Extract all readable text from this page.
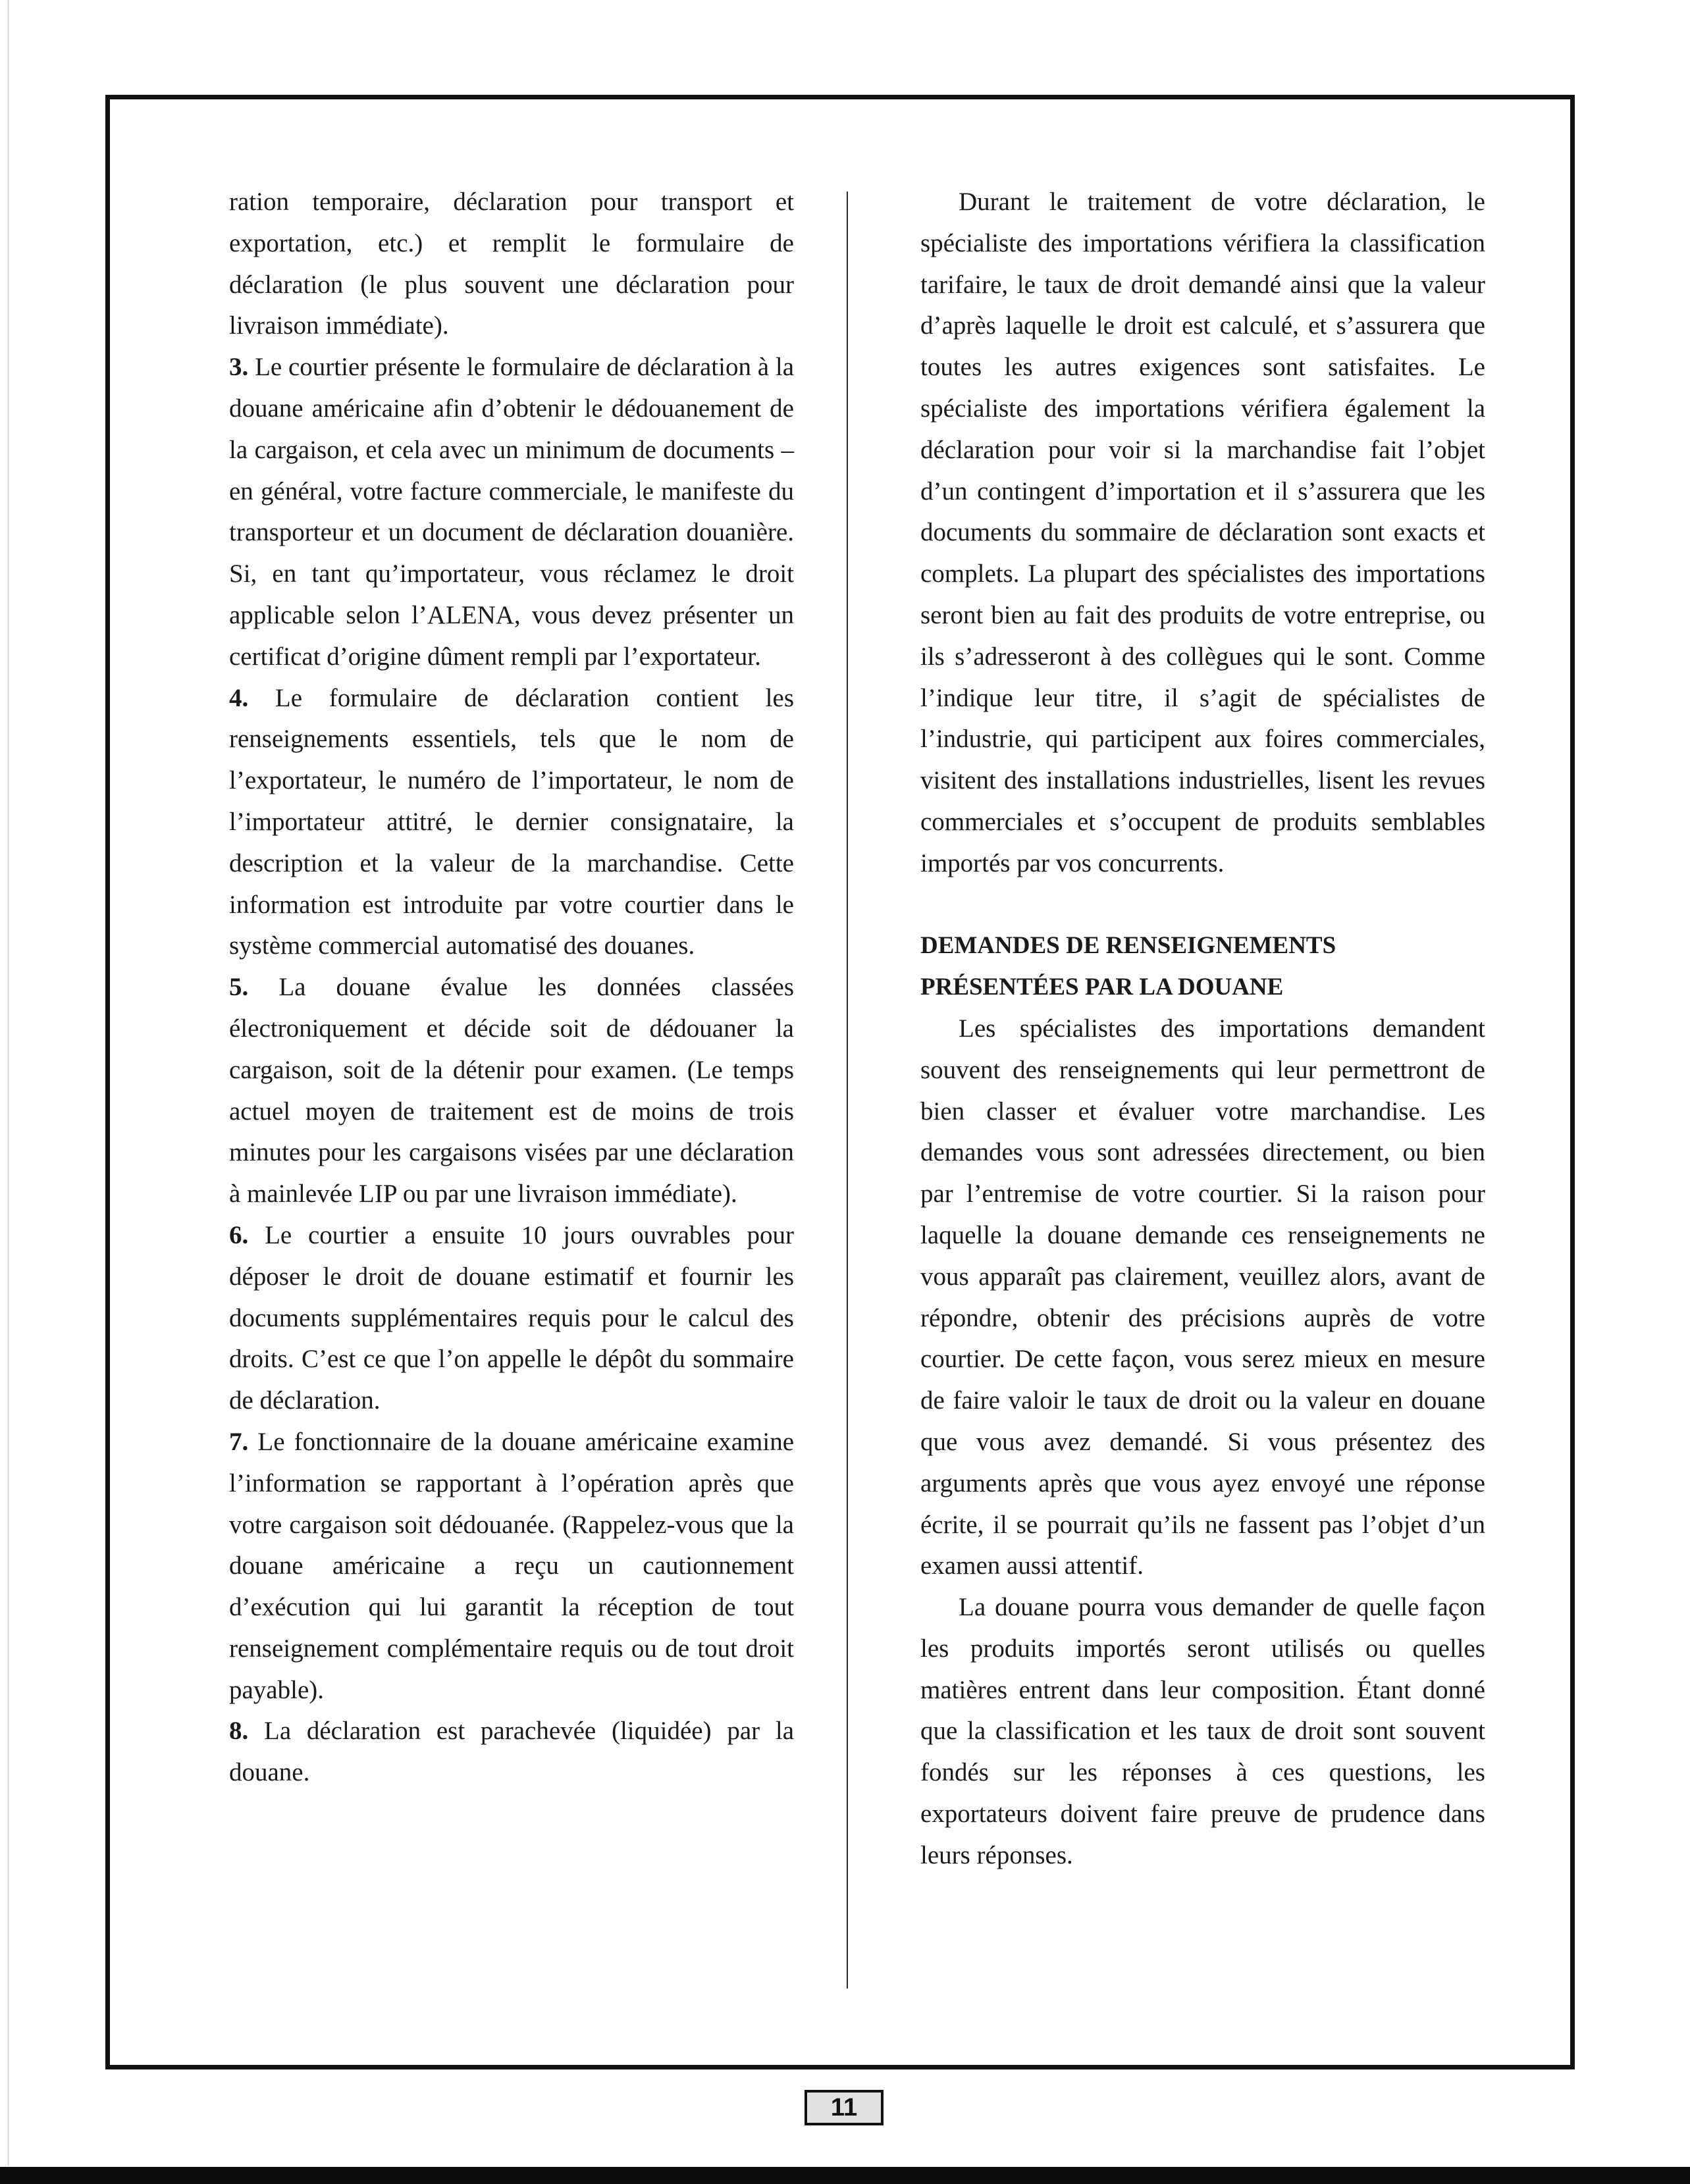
ration temporaire, déclaration pour transport et exportation, etc.) et remplit le formulaire de déclaration (le plus souvent une déclaration pour livraison immédiate).

3. Le courtier présente le formulaire de déclaration à la douane américaine afin d’obtenir le dédouanement de la cargaison, et cela avec un minimum de documents – en général, votre facture commerciale, le manifeste du transporteur et un document de déclaration douanière. Si, en tant qu’importateur, vous réclamez le droit applicable selon l’ALENA, vous devez présenter un certificat d’origine dûment rempli par l’exportateur.

4. Le formulaire de déclaration contient les renseignements essentiels, tels que le nom de l’exportateur, le numéro de l’importateur, le nom de l’importateur attitré, le dernier consignataire, la description et la valeur de la marchandise. Cette information est introduite par votre courtier dans le système commercial automatisé des douanes.

5. La douane évalue les données classées électroniquement et décide soit de dédouaner la cargaison, soit de la détenir pour examen. (Le temps actuel moyen de traitement est de moins de trois minutes pour les cargaisons visées par une déclaration à mainlevée LIP ou par une livraison immédiate).

6. Le courtier a ensuite 10 jours ouvrables pour déposer le droit de douane estimatif et fournir les documents supplémentaires requis pour le calcul des droits. C’est ce que l’on appelle le dépôt du sommaire de déclaration.

7. Le fonctionnaire de la douane américaine examine l’information se rapportant à l’opération après que votre cargaison soit dédouanée. (Rappelez-vous que la douane américaine a reçu un cautionnement d’exécution qui lui garantit la réception de tout renseignement complémentaire requis ou de tout droit payable).

8. La déclaration est parachevée (liquidée) par la douane.

Durant le traitement de votre déclaration, le spécialiste des importations vérifiera la classification tarifaire, le taux de droit demandé ainsi que la valeur d’après laquelle le droit est calculé, et s’assurera que toutes les autres exigences sont satisfaites. Le spécialiste des importations vérifiera également la déclaration pour voir si la marchandise fait l’objet d’un contingent d’importation et il s’assurera que les documents du sommaire de déclaration sont exacts et complets. La plupart des spécialistes des importations seront bien au fait des produits de votre entreprise, ou ils s’adresseront à des collègues qui le sont. Comme l’indique leur titre, il s’agit de spécialistes de l’industrie, qui participent aux foires commerciales, visitent des installations industrielles, lisent les revues commerciales et s’occupent de produits semblables importés par vos concurrents.

DEMANDES DE RENSEIGNEMENTS
PRÉSENTÉES PAR LA DOUANE

Les spécialistes des importations demandent souvent des renseignements qui leur permettront de bien classer et évaluer votre marchandise. Les demandes vous sont adressées directement, ou bien par l’entremise de votre courtier. Si la raison pour laquelle la douane demande ces renseignements ne vous apparaît pas clairement, veuillez alors, avant de répondre, obtenir des précisions auprès de votre courtier. De cette façon, vous serez mieux en mesure de faire valoir le taux de droit ou la valeur en douane que vous avez demandé. Si vous présentez des arguments après que vous ayez envoyé une réponse écrite, il se pourrait qu’ils ne fassent pas l’objet d’un examen aussi attentif.

La douane pourra vous demander de quelle façon les produits importés seront utilisés ou quelles matières entrent dans leur composition. Étant donné que la classification et les taux de droit sont souvent fondés sur les réponses à ces questions, les exportateurs doivent faire preuve de prudence dans leurs réponses.

11
